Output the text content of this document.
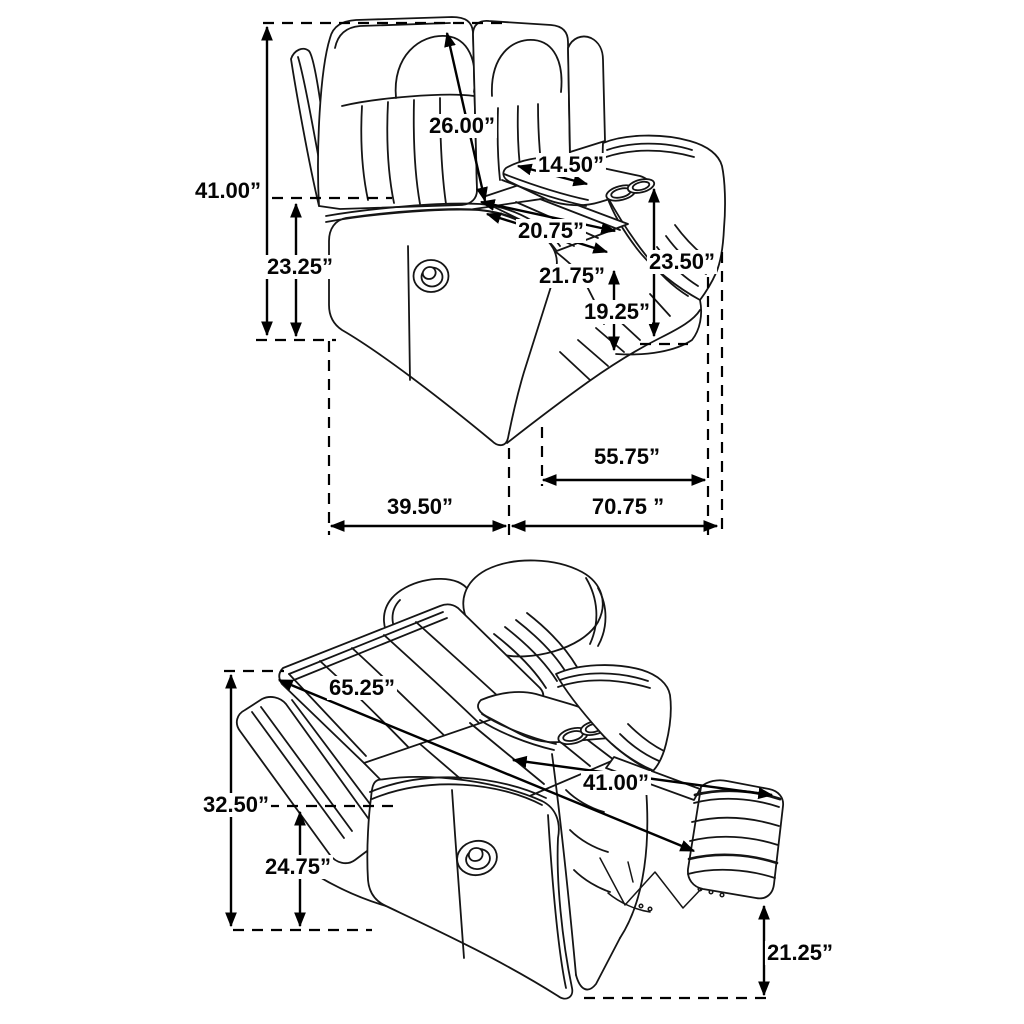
41.00”
23.25”
26.00”
14.50”
20.75”
21.75”
23.50”
19.25”
55.75”
70.75 ”
39.50”
65.25”
41.00”
32.50”
24.75”
21.25”
